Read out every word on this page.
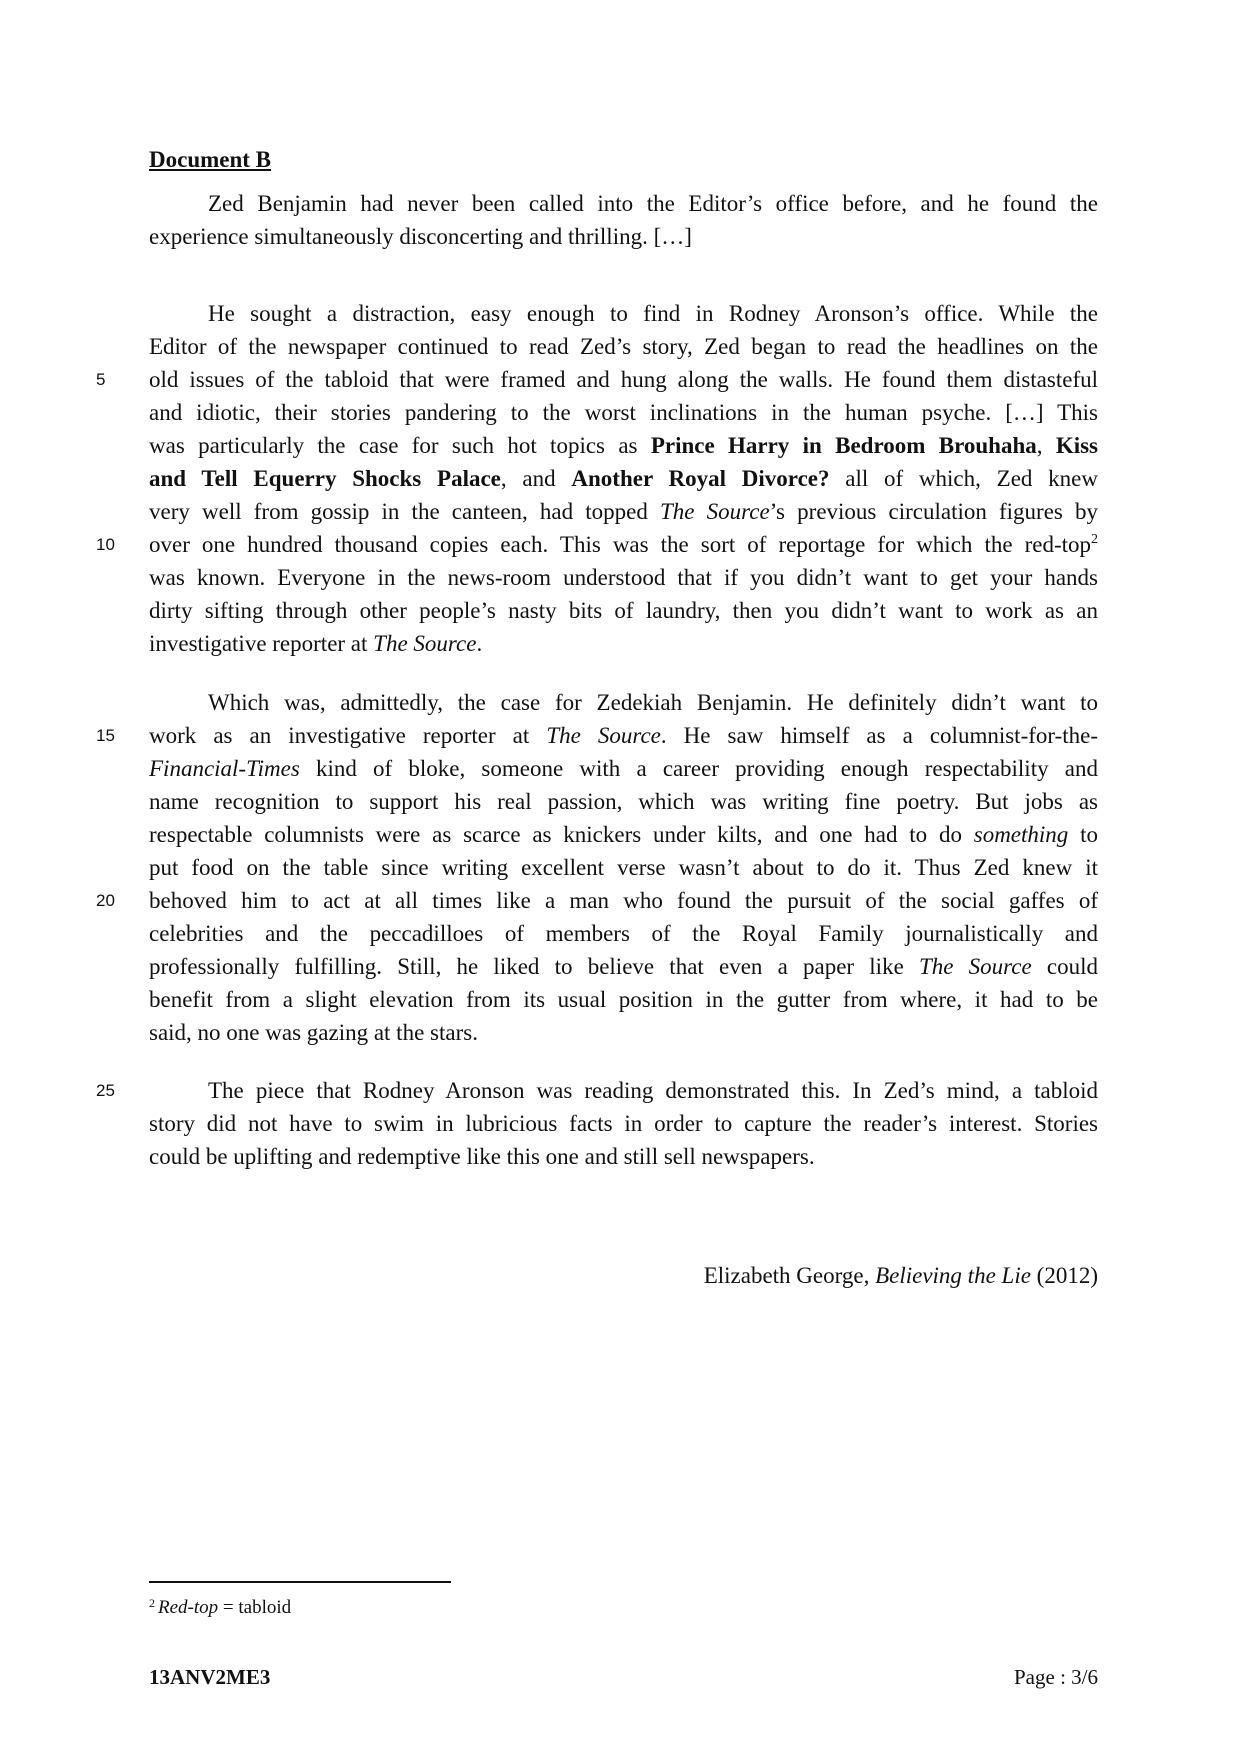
Document B
Zed Benjamin had never been called into the Editor’s office before, and he found the
experience simultaneously disconcerting and thrilling. […]
He sought a distraction, easy enough to find in Rodney Aronson’s office. While the
Editor of the newspaper continued to read Zed’s story, Zed began to read the headlines on the
old issues of the tabloid that were framed and hung along the walls. He found them distasteful
and idiotic, their stories pandering to the worst inclinations in the human psyche. […] This
was particularly the case for such hot topics as Prince Harry in Bedroom Brouhaha, Kiss
and Tell Equerry Shocks Palace, and Another Royal Divorce? all of which, Zed knew
very well from gossip in the canteen, had topped The Source’s previous circulation figures by
over one hundred thousand copies each. This was the sort of reportage for which the red-top$^2$
was known. Everyone in the news-room understood that if you didn’t want to get your hands
dirty sifting through other people’s nasty bits of laundry, then you didn’t want to work as an
investigative reporter at The Source.
Which was, admittedly, the case for Zedekiah Benjamin. He definitely didn’t want to
work as an investigative reporter at The Source. He saw himself as a columnist-for-the-
Financial-Times kind of bloke, someone with a career providing enough respectability and
name recognition to support his real passion, which was writing fine poetry. But jobs as
respectable columnists were as scarce as knickers under kilts, and one had to do something to
put food on the table since writing excellent verse wasn’t about to do it. Thus Zed knew it
behoved him to act at all times like a man who found the pursuit of the social gaffes of
celebrities and the peccadilloes of members of the Royal Family journalistically and
professionally fulfilling. Still, he liked to believe that even a paper like The Source could
benefit from a slight elevation from its usual position in the gutter from where, it had to be
said, no one was gazing at the stars.
The piece that Rodney Aronson was reading demonstrated this. In Zed’s mind, a tabloid
story did not have to swim in lubricious facts in order to capture the reader’s interest. Stories
could be uplifting and redemptive like this one and still sell newspapers.
5
10
15
20
25
Elizabeth George, Believing the Lie (2012)
$^2$ Red-top = tabloid
13ANV2ME3	Page : 3/6
